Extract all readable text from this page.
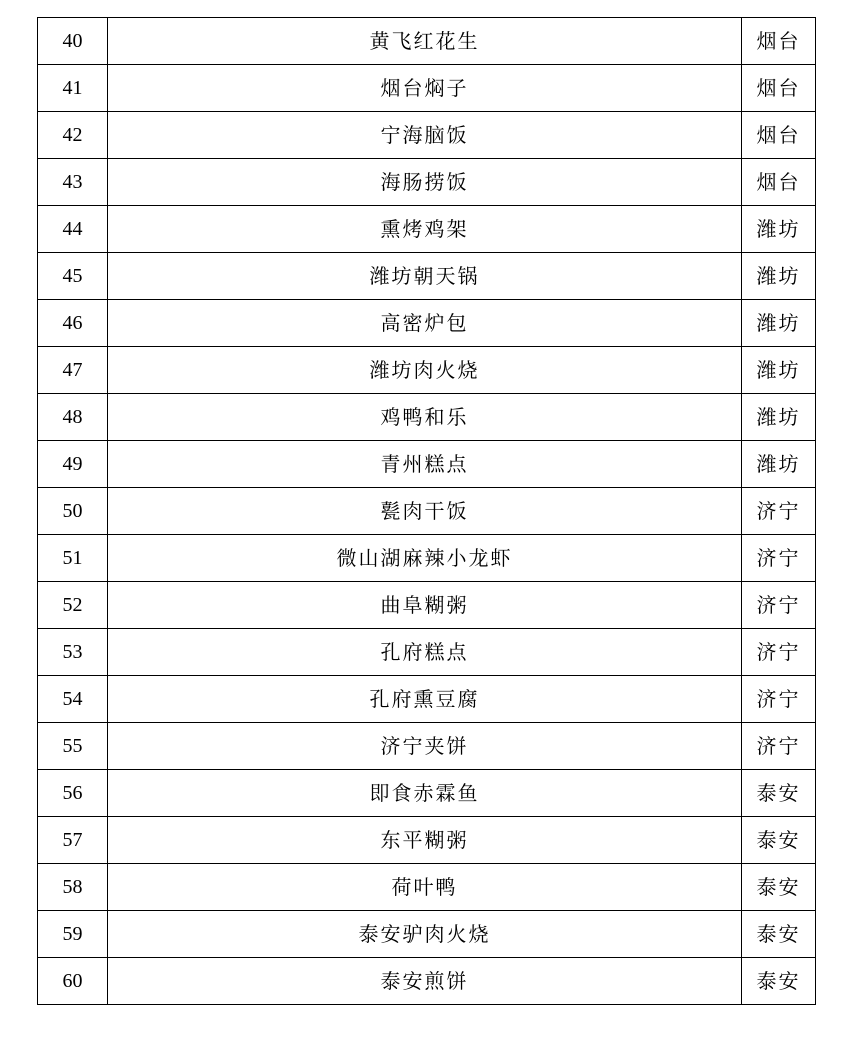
40	黄飞红花生	烟台
41	烟台焖子	烟台
42	宁海脑饭	烟台
43	海肠捞饭	烟台
44	熏烤鸡架	潍坊
45	潍坊朝天锅	潍坊
46	高密炉包	潍坊
47	潍坊肉火烧	潍坊
48	鸡鸭和乐	潍坊
49	青州糕点	潍坊
50	甏肉干饭	济宁
51	微山湖麻辣小龙虾	济宁
52	曲阜糊粥	济宁
53	孔府糕点	济宁
54	孔府熏豆腐	济宁
55	济宁夹饼	济宁
56	即食赤霖鱼	泰安
57	东平糊粥	泰安
58	荷叶鸭	泰安
59	泰安驴肉火烧	泰安
60	泰安煎饼	泰安
